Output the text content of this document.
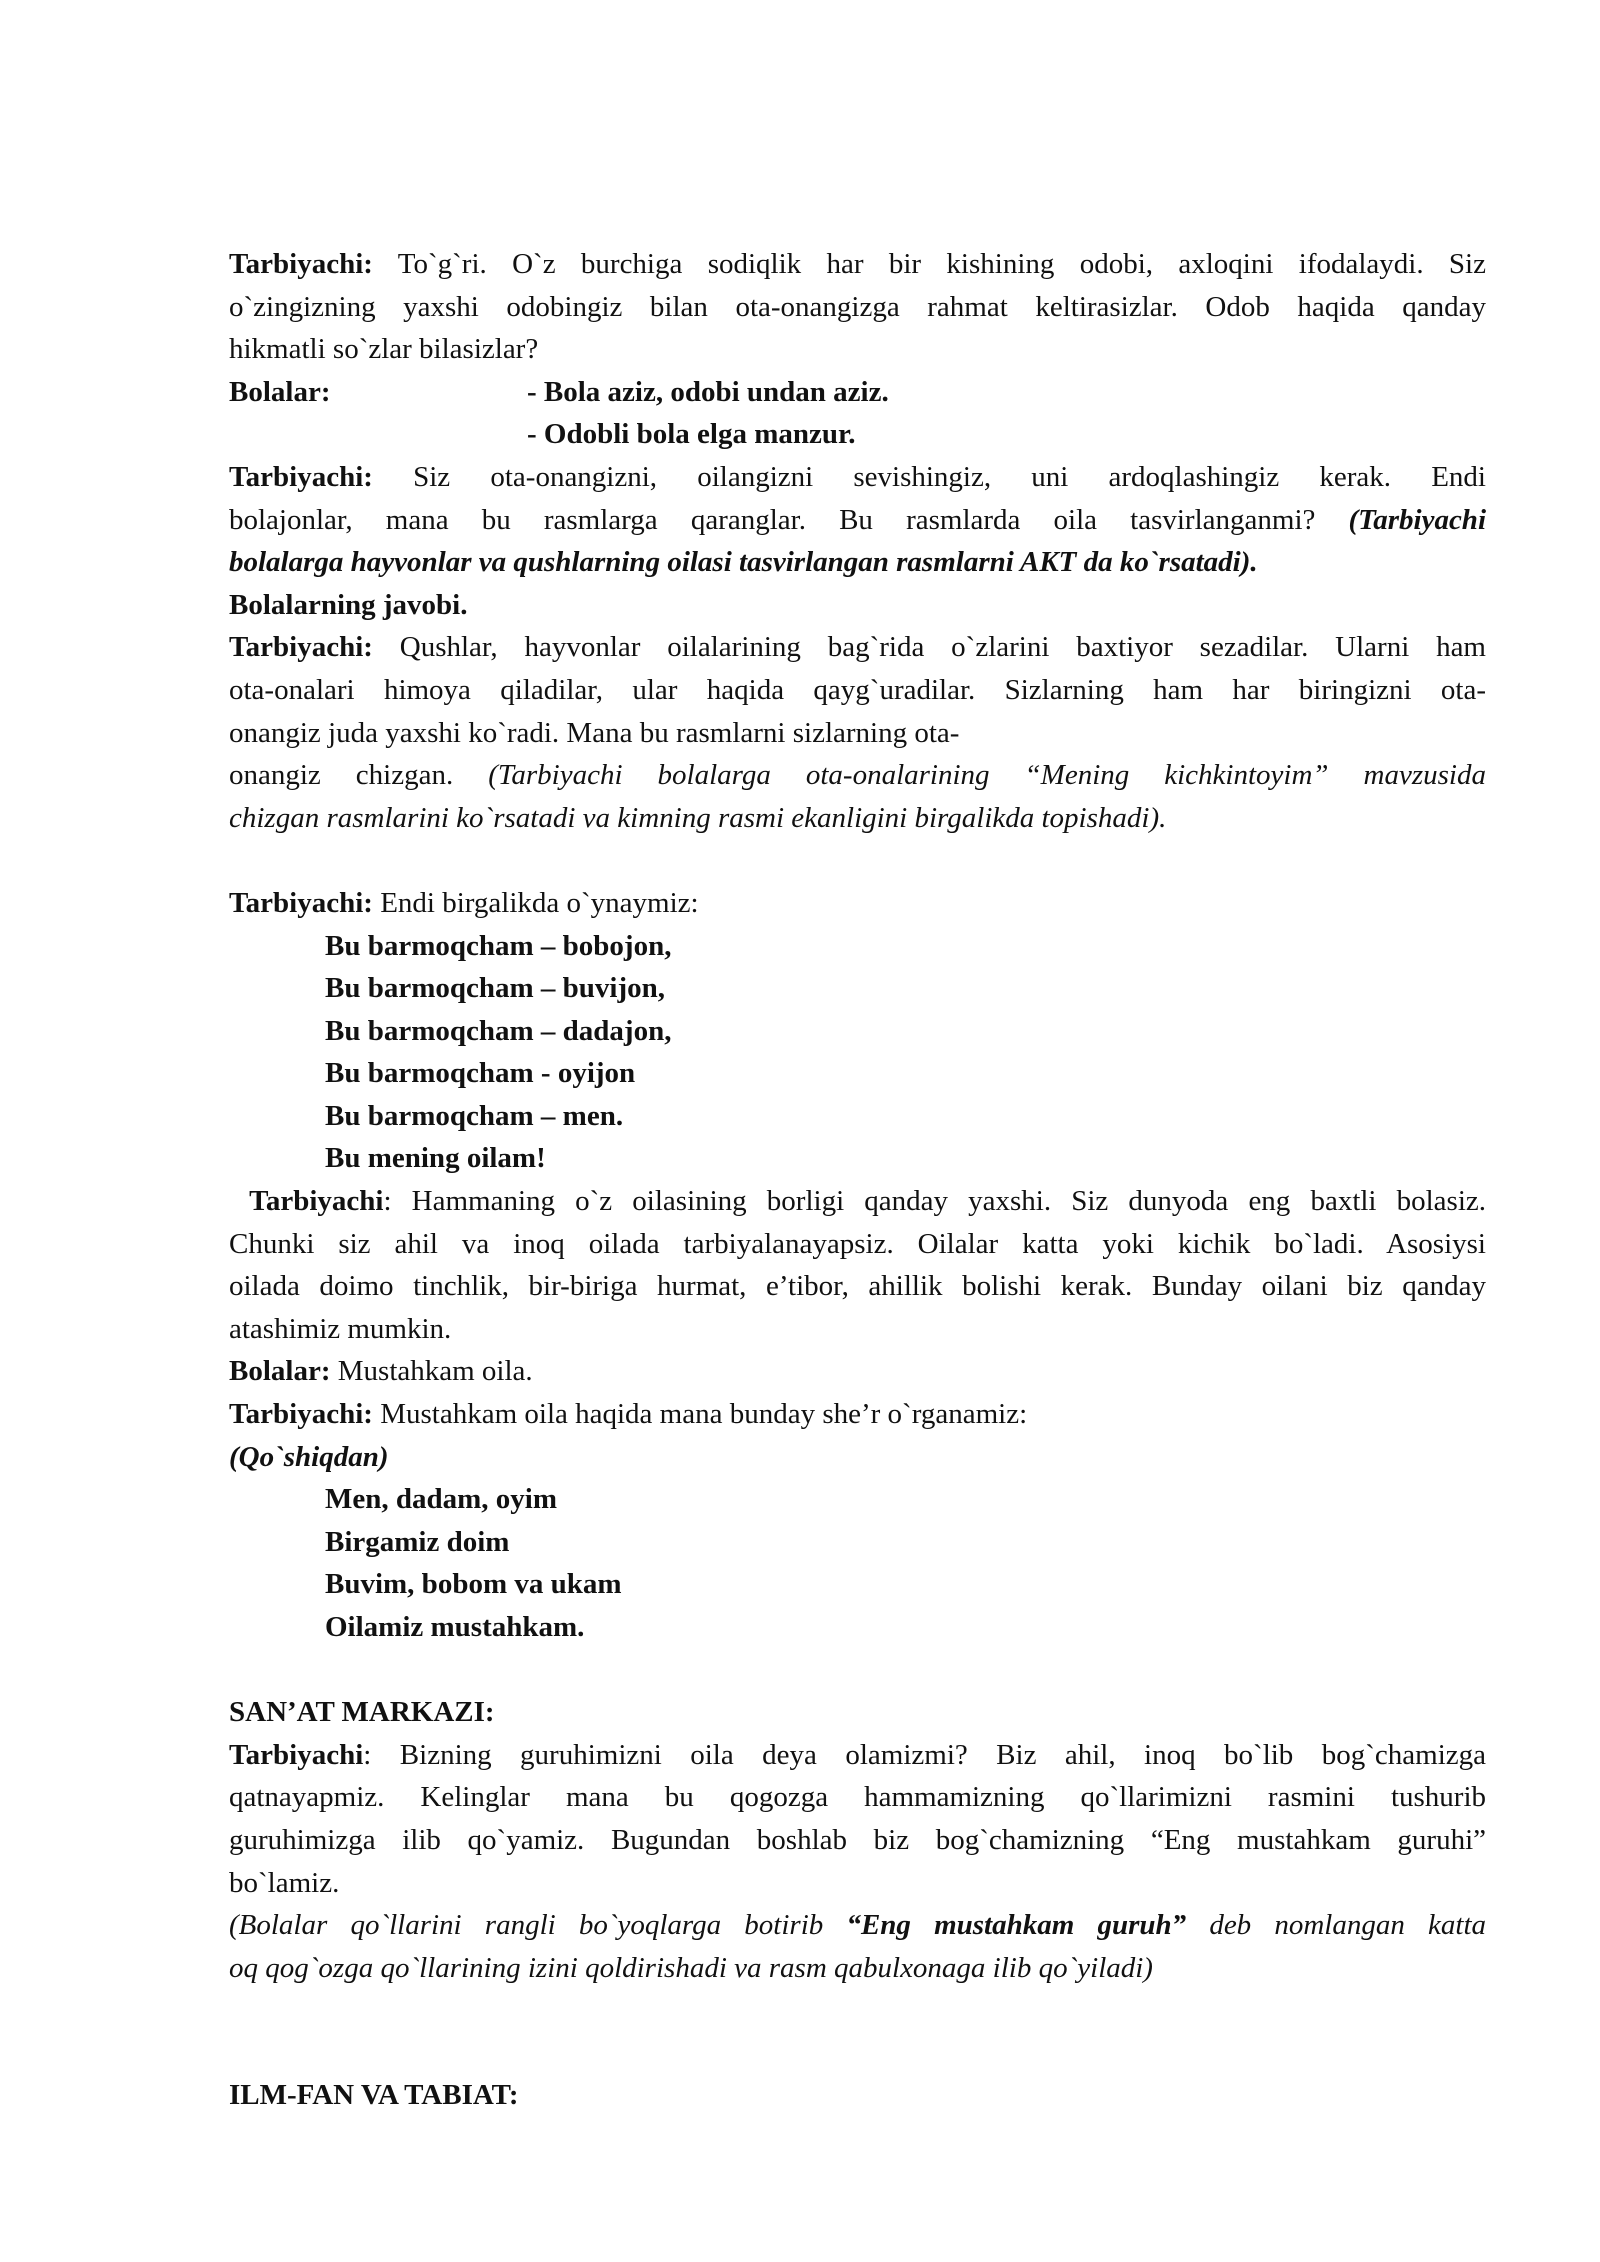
Tarbiyachi: To`g`ri. O`z burchiga sodiqlik har bir kishining odobi, axloqini ifodalaydi. Siz

o`zingizning yaxshi odobingiz bilan ota-onangizga rahmat keltirasizlar. Odob haqida qanday

hikmatli so`zlar bilasizlar?

Bolalar:	- Bola aziz, odobi undan aziz.
- Odobli bola elga manzur.

Tarbiyachi: Siz ota-onangizni, oilangizni sevishingiz, uni ardoqlashingiz kerak. Endi

bolajonlar, mana bu rasmlarga qaranglar. Bu rasmlarda oila tasvirlanganmi? (Tarbiyachi

bolalarga hayvonlar va qushlarning oilasi tasvirlangan rasmlarni AKT da ko`rsatadi).

Bolalarning javobi.

Tarbiyachi: Qushlar, hayvonlar oilalarining bag`rida o`zlarini baxtiyor sezadilar. Ularni ham

ota-onalari himoya qiladilar, ular haqida qayg`uradilar. Sizlarning ham har biringizni ota-

onangiz juda yaxshi ko`radi. Mana bu rasmlarni sizlarning ota-

onangiz chizgan. (Tarbiyachi bolalarga ota-onalarining “Mening kichkintoyim” mavzusida

chizgan rasmlarini ko`rsatadi va kimning rasmi ekanligini birgalikda topishadi).

Tarbiyachi: Endi birgalikda o`ynaymiz:

Bu barmoqcham – bobojon,

Bu barmoqcham – buvijon,

Bu barmoqcham – dadajon,

Bu barmoqcham - oyijon

Bu barmoqcham – men.

Bu mening oilam!

Tarbiyachi: Hammaning o`z oilasining borligi qanday yaxshi. Siz dunyoda eng baxtli bolasiz.

Chunki siz ahil va inoq oilada tarbiyalanayapsiz. Oilalar katta yoki kichik bo`ladi. Asosiysi

oilada doimo tinchlik, bir-biriga hurmat, e’tibor, ahillik bolishi kerak. Bunday oilani biz qanday

atashimiz mumkin.

Bolalar: Mustahkam oila.

Tarbiyachi: Mustahkam oila haqida mana bunday she’r o`rganamiz:

(Qo`shiqdan)

Men, dadam, oyim

Birgamiz doim

Buvim, bobom va ukam

Oilamiz mustahkam.

SAN’AT MARKAZI:

Tarbiyachi: Bizning guruhimizni oila deya olamizmi? Biz ahil, inoq bo`lib bog`chamizga

qatnayapmiz. Kelinglar mana bu qogozga hammamizning qo`llarimizni rasmini tushurib

guruhimizga ilib qo`yamiz. Bugundan boshlab biz bog`chamizning “Eng mustahkam guruhi”

bo`lamiz.

(Bolalar qo`llarini rangli bo`yoqlarga botirib “Eng mustahkam guruh” deb nomlangan katta

oq qog`ozga qo`llarining izini qoldirishadi va rasm qabulxonaga ilib qo`yiladi)

ILM-FAN VA TABIAT:
